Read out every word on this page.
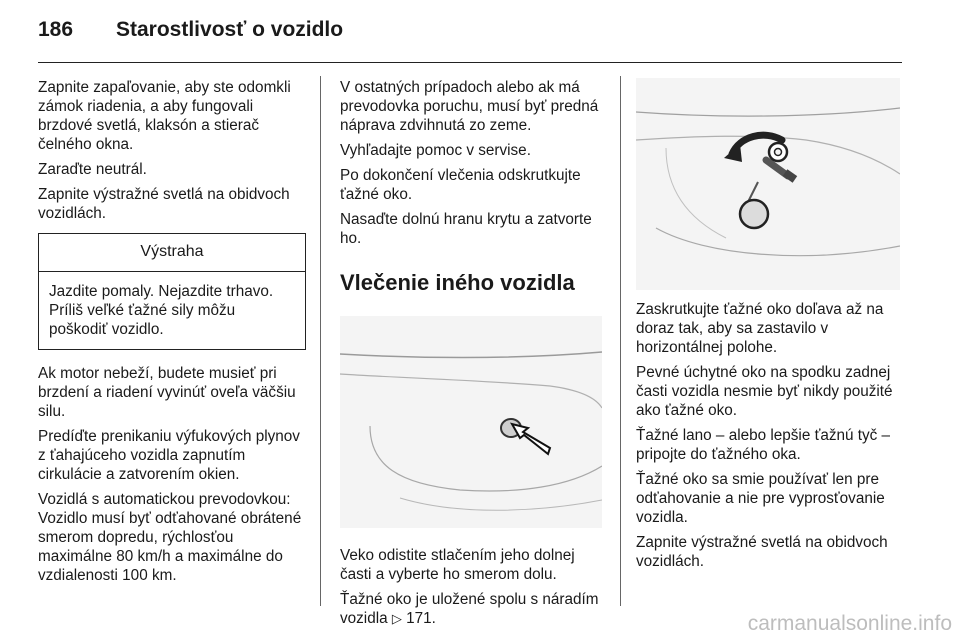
186 Starostlivosť o vozidlo

Zapnite zapaľovanie, aby ste odomkli zámok riadenia, a aby fungovali brzdové svetlá, klaksón a stierač čelného okna.

Zaraďte neutrál.

Zapnite výstražné svetlá na obidvoch vozidlách.

Výstraha
Jazdite pomaly. Nejazdite trhavo. Príliš veľké ťažné sily môžu poškodiť vozidlo.

Ak motor nebeží, budete musieť pri brzdení a riadení vyvinúť oveľa väčšiu silu.

Predíďte prenikaniu výfukových plynov z ťahajúceho vozidla zapnutím cirkulácie a zatvorením okien.

Vozidlá s automatickou prevodovkou: Vozidlo musí byť odťahované obrátené smerom dopredu, rýchlosťou maximálne 80 km/h a maximálne do vzdialenosti 100 km.

V ostatných prípadoch alebo ak má prevodovka poruchu, musí byť predná náprava zdvihnutá zo zeme.

Vyhľadajte pomoc v servise.

Po dokončení vlečenia odskrutkujte ťažné oko.

Nasaďte dolnú hranu krytu a zatvorte ho.

Vlečenie iného vozidla

Veko odistite stlačením jeho dolnej časti a vyberte ho smerom dolu.

Ťažné oko je uložené spolu s náradím vozidla ▷ 171.

Zaskrutkujte ťažné oko doľava až na doraz tak, aby sa zastavilo v horizontálnej polohe.

Pevné úchytné oko na spodku zadnej časti vozidla nesmie byť nikdy použité ako ťažné oko.

Ťažné lano – alebo lepšie ťažnú tyč – pripojte do ťažného oka.

Ťažné oko sa smie používať len pre odťahovanie a nie pre vyprosťovanie vozidla.

Zapnite výstražné svetlá na obidvoch vozidlách.

carmanualsonline.info
